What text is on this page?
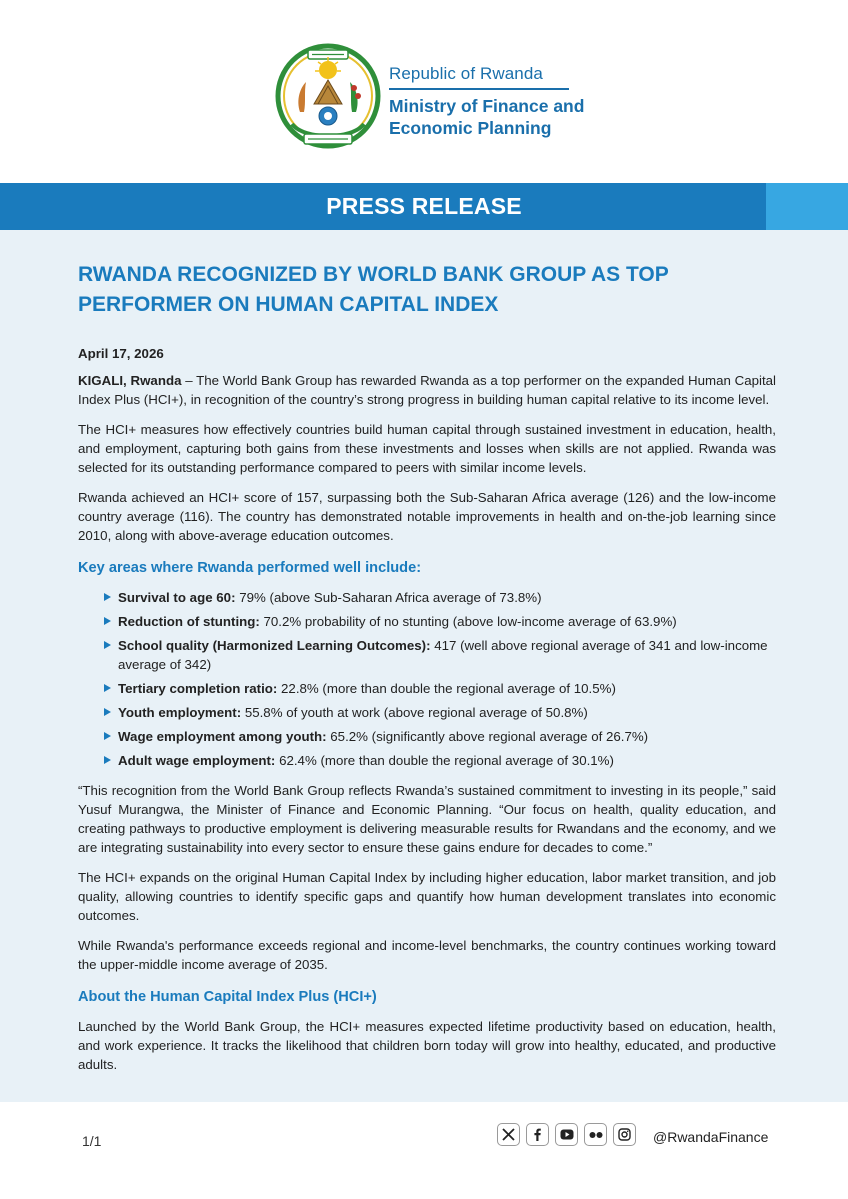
Republic of Rwanda
Ministry of Finance and
Economic Planning
PRESS RELEASE
RWANDA RECOGNIZED BY WORLD BANK GROUP AS TOP PERFORMER ON HUMAN CAPITAL INDEX

April 17, 2026

KIGALI, Rwanda – The World Bank Group has rewarded Rwanda as a top performer on the expanded Human Capital Index Plus (HCI+), in recognition of the country’s strong progress in building human capital relative to its income level.

The HCI+ measures how effectively countries build human capital through sustained investment in education, health, and employment, capturing both gains from these investments and losses when skills are not applied. Rwanda was selected for its outstanding performance compared to peers with similar income levels.

Rwanda achieved an HCI+ score of 157, surpassing both the Sub-Saharan Africa average (126) and the low-income country average (116). The country has demonstrated notable improvements in health and on-the-job learning since 2010, along with above-average education outcomes.

Key areas where Rwanda performed well include:

Survival to age 60: 79% (above Sub-Saharan Africa average of 73.8%)
Reduction of stunting: 70.2% probability of no stunting (above low-income average of 63.9%)
School quality (Harmonized Learning Outcomes): 417 (well above regional average of 341 and low-income average of 342)
Tertiary completion ratio: 22.8% (more than double the regional average of 10.5%)
Youth employment: 55.8% of youth at work (above regional average of 50.8%)
Wage employment among youth: 65.2% (significantly above regional average of 26.7%)
Adult wage employment: 62.4% (more than double the regional average of 30.1%)

“This recognition from the World Bank Group reflects Rwanda’s sustained commitment to investing in its people,” said Yusuf Murangwa, the Minister of Finance and Economic Planning. “Our focus on health, quality education, and creating pathways to productive employment is delivering measurable results for Rwandans and the economy, and we are integrating sustainability into every sector to ensure these gains endure for decades to come.”

The HCI+ expands on the original Human Capital Index by including higher education, labor market transition, and job quality, allowing countries to identify specific gaps and quantify how human development translates into economic outcomes.

While Rwanda's performance exceeds regional and income-level benchmarks, the country continues working toward the upper-middle income average of 2035.

About the Human Capital Index Plus (HCI+)

Launched by the World Bank Group, the HCI+ measures expected lifetime productivity based on education, health, and work experience. It tracks the likelihood that children born today will grow into healthy, educated, and productive adults.

1/1	@RwandaFinance
